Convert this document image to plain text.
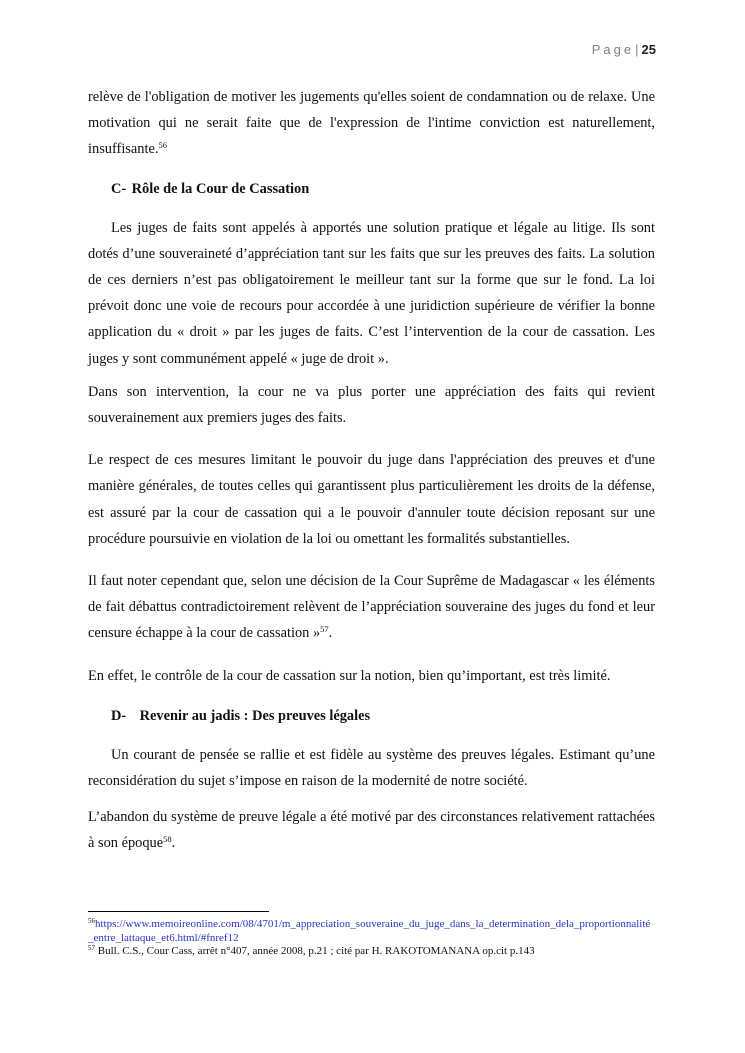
Page| 25

relève de l'obligation de motiver les jugements qu'elles soient de condamnation ou de relaxe. Une motivation qui ne serait faite que de l'expression de l'intime conviction est naturellement, insuffisante.$^{56}$

C- Rôle de la Cour de Cassation

Les juges de faits sont appelés à apportés une solution pratique et légale au litige. Ils sont dotés d’une souveraineté d’appréciation tant sur les faits que sur les preuves des faits. La solution de ces derniers n’est pas obligatoirement le meilleur tant sur la forme que sur le fond. La loi prévoit donc une voie de recours pour accordée à une juridiction supérieure de vérifier la bonne application du « droit » par les juges de faits. C’est l’intervention de la cour de cassation. Les juges y sont communément appelé « juge de droit ».

Dans son intervention, la cour ne va plus porter une appréciation des faits qui revient souverainement aux premiers juges des faits.

Le respect de ces mesures limitant le pouvoir du juge dans l'appréciation des preuves et d'une manière générales, de toutes celles qui garantissent plus particulièrement les droits de la défense, est assuré par la cour de cassation qui a le pouvoir d'annuler toute décision reposant sur une procédure poursuivie en violation de la loi ou omettant les formalités substantielles.

Il faut noter cependant que, selon une décision de la Cour Suprême de Madagascar « les éléments de fait débattus contradictoirement relèvent de l’appréciation souveraine des juges du fond et leur censure échappe à la cour de cassation »$^{57}$.

En effet, le contrôle de la cour de cassation sur la notion, bien qu’important, est très limité.

D- Revenir au jadis : Des preuves légales

Un courant de pensée se rallie et est fidèle au système des preuves légales. Estimant qu’une reconsidération du sujet s’impose en raison de la modernité de notre société.

L’abandon du système de preuve légale a été motivé par des circonstances relativement rattachées à son époque$^{58}$.

$^{56}$https://www.memoireonline.com/08/4701/m_appreciation_souveraine_du_juge_dans_la_determination_dela_proportionnalité_entre_lattaque_et6.html/#fnref12

$^{57}$ Bull. C.S., Cour Cass, arrêt n°407, année 2008, p.21 ; cité par H. RAKOTOMANANA op.cit p.143
